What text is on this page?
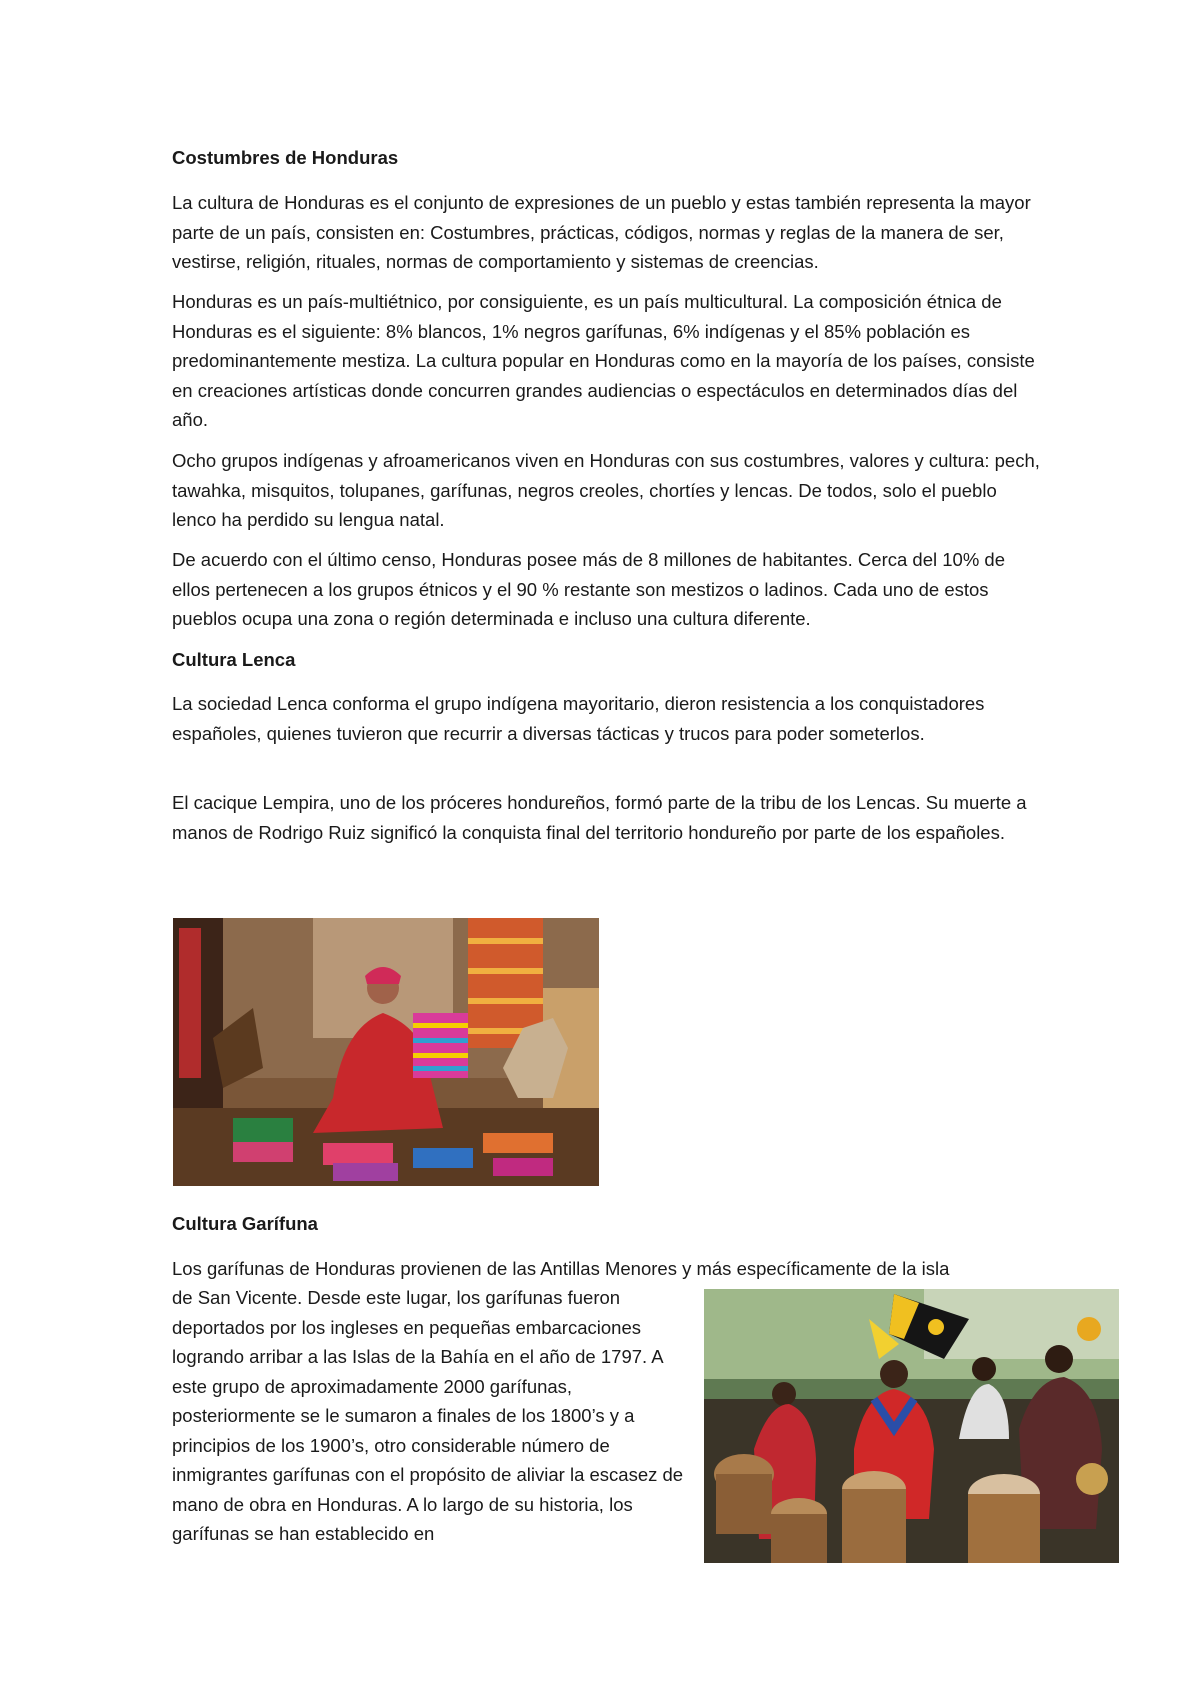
Costumbres de Honduras

La cultura de Honduras es el conjunto de expresiones de un pueblo y estas también representa la mayor parte de un país, consisten en: Costumbres, prácticas, códigos, normas y reglas de la manera de ser, vestirse, religión, rituales, normas de comportamiento y sistemas de creencias.

Honduras es un país-multiétnico, por consiguiente, es un país multicultural. La composición étnica de Honduras es el siguiente: 8% blancos, 1% negros garífunas, 6% indígenas y el 85% población es predominantemente mestiza. La cultura popular en Honduras como en la mayoría de los países, consiste en creaciones artísticas donde concurren grandes audiencias o espectáculos en determinados días del año.

Ocho grupos indígenas y afroamericanos viven en Honduras con sus costumbres, valores y cultura: pech, tawahka, misquitos, tolupanes, garífunas, negros creoles, chortíes y lencas. De todos, solo el pueblo lenco ha perdido su lengua natal.

De acuerdo con el último censo, Honduras posee más de 8 millones de habitantes. Cerca del 10% de ellos pertenecen a los grupos étnicos y el 90 % restante son mestizos o ladinos. Cada uno de estos pueblos ocupa una zona o región determinada e incluso una cultura diferente.

Cultura Lenca

La sociedad Lenca conforma el grupo indígena mayoritario, dieron resistencia a los conquistadores españoles, quienes tuvieron que recurrir a diversas tácticas y trucos para poder someterlos.

El cacique Lempira, uno de los próceres hondureños, formó parte de la tribu de los Lencas. Su muerte a manos de Rodrigo Ruiz significó la conquista final del territorio hondureño por parte de los españoles.

Cultura Garífuna

Los garífunas de Honduras provienen de las Antillas Menores y más específicamente de la isla

de San Vicente. Desde este lugar, los garífunas fueron deportados por los ingleses en pequeñas embarcaciones logrando arribar a las Islas de la Bahía en el año de 1797. A este grupo de aproximadamente 2000 garífunas, posteriormente se le sumaron a finales de los 1800’s y a principios de los 1900’s, otro considerable número de inmigrantes garífunas con el propósito de aliviar la escasez de mano de obra en Honduras. A lo largo de su historia, los garífunas se han establecido en
